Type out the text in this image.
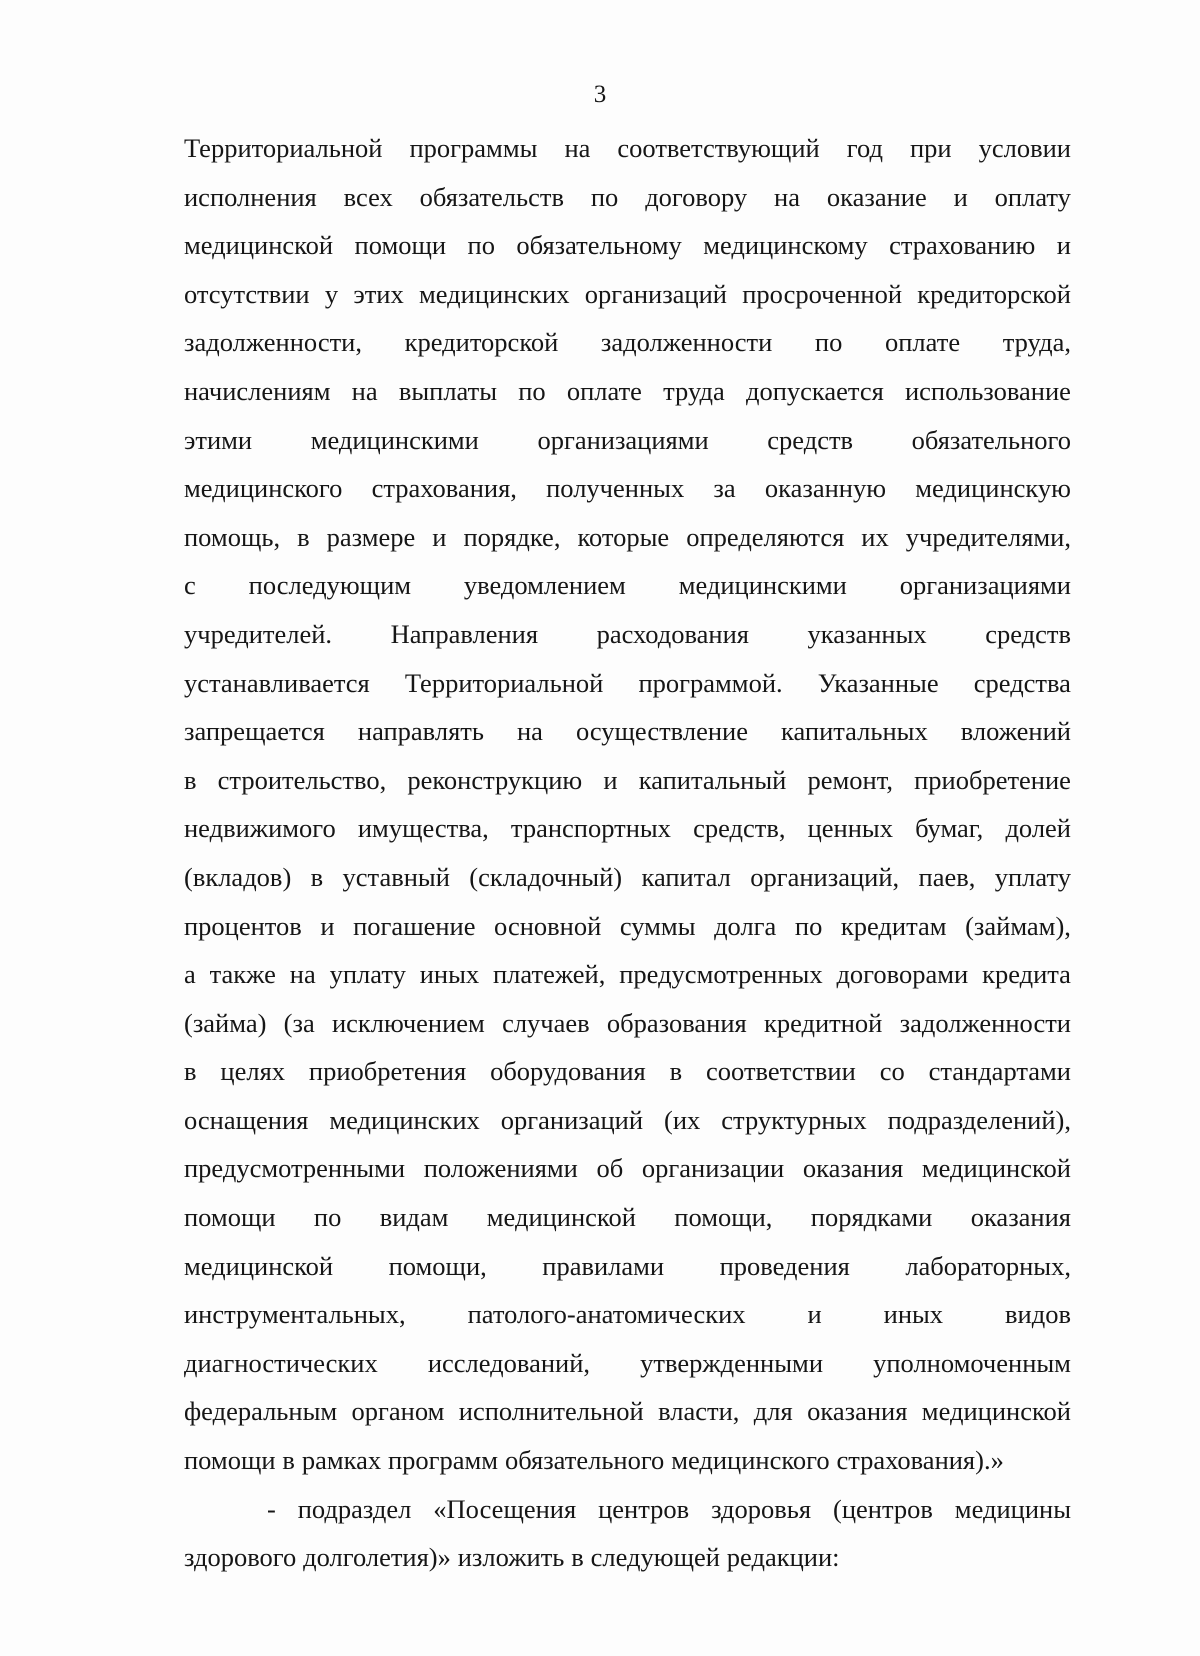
3
Территориальной программы на соответствующий год при условии
исполнения всех обязательств по договору на оказание и оплату
медицинской помощи по обязательному медицинскому страхованию и
отсутствии у этих медицинских организаций просроченной кредиторской
задолженности, кредиторской задолженности по оплате труда,
начислениям на выплаты по оплате труда допускается использование
этими медицинскими организациями средств обязательного
медицинского страхования, полученных за оказанную медицинскую
помощь, в размере и порядке, которые определяются их учредителями,
с последующим уведомлением медицинскими организациями
учредителей. Направления расходования указанных средств
устанавливается Территориальной программой. Указанные средства
запрещается направлять на осуществление капитальных вложений
в строительство, реконструкцию и капитальный ремонт, приобретение
недвижимого имущества, транспортных средств, ценных бумаг, долей
(вкладов) в уставный (складочный) капитал организаций, паев, уплату
процентов и погашение основной суммы долга по кредитам (займам),
а также на уплату иных платежей, предусмотренных договорами кредита
(займа) (за исключением случаев образования кредитной задолженности
в целях приобретения оборудования в соответствии со стандартами
оснащения медицинских организаций (их структурных подразделений),
предусмотренными положениями об организации оказания медицинской
помощи по видам медицинской помощи, порядками оказания
медицинской помощи, правилами проведения лабораторных,
инструментальных, патолого-анатомических и иных видов
диагностических исследований, утвержденными уполномоченным
федеральным органом исполнительной власти, для оказания медицинской
помощи в рамках программ обязательного медицинского страхования).»
- подраздел «Посещения центров здоровья (центров медицины
здорового долголетия)» изложить в следующей редакции:
